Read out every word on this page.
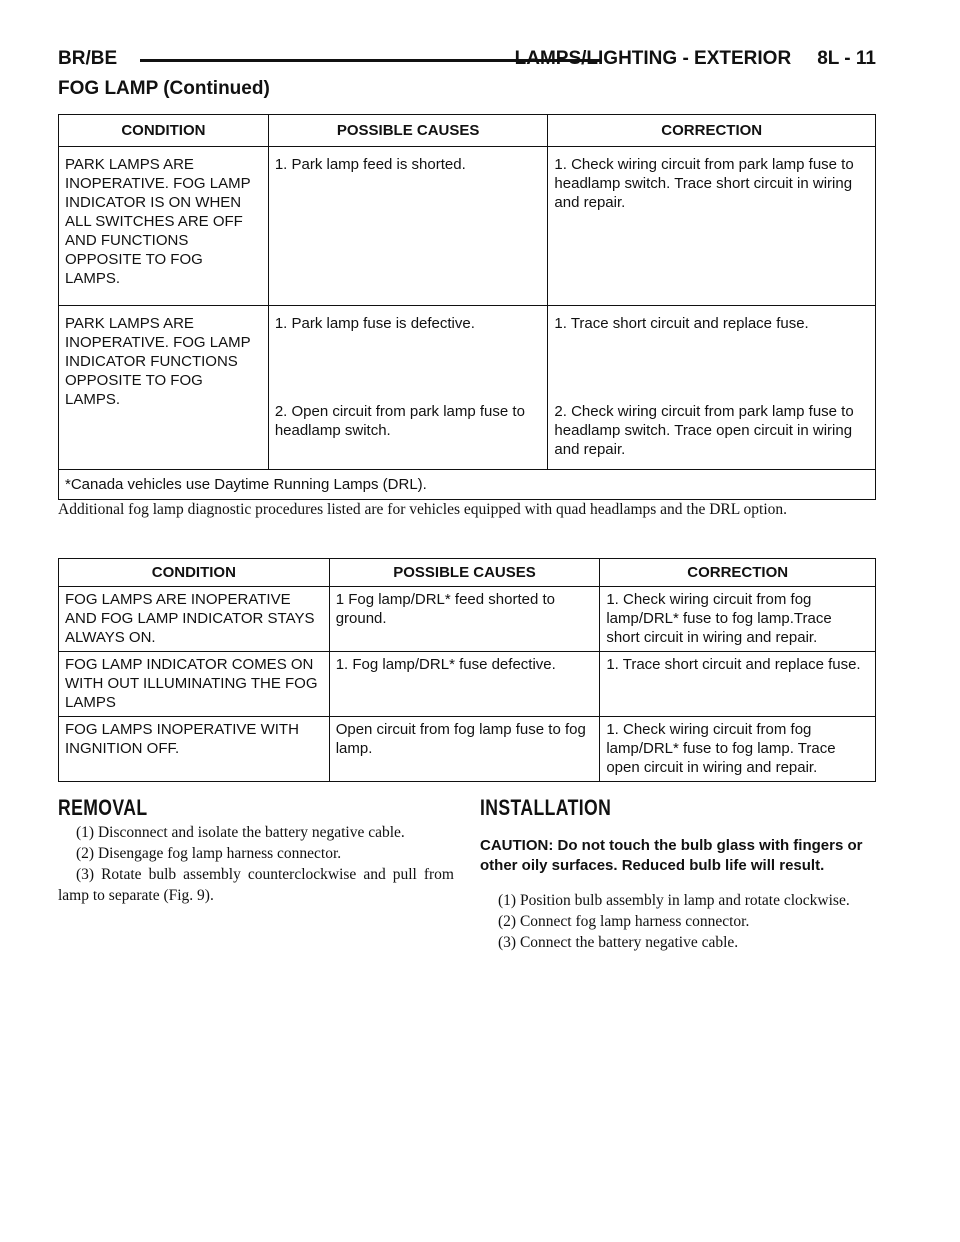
BR/BE	LAMPS/LIGHTING - EXTERIOR 8L - 11
FOG LAMP (Continued)
CONDITION	POSSIBLE CAUSES	CORRECTION
PARK LAMPS ARE INOPERATIVE. FOG LAMP INDICATOR IS ON WHEN ALL SWITCHES ARE OFF AND FUNCTIONS OPPOSITE TO FOG LAMPS.	1. Park lamp feed is shorted.	1. Check wiring circuit from park lamp fuse to headlamp switch. Trace short circuit in wiring and repair.
PARK LAMPS ARE INOPERATIVE. FOG LAMP INDICATOR FUNCTIONS OPPOSITE TO FOG LAMPS.	1. Park lamp fuse is defective.	1. Trace short circuit and replace fuse.
	2. Open circuit from park lamp fuse to headlamp switch.	2. Check wiring circuit from park lamp fuse to headlamp switch. Trace open circuit in wiring and repair.
*Canada vehicles use Daytime Running Lamps (DRL).		
Additional fog lamp diagnostic procedures listed are for vehicles equipped with quad headlamps and the DRL option.
CONDITION	POSSIBLE CAUSES	CORRECTION
FOG LAMPS ARE INOPERATIVE AND FOG LAMP INDICATOR STAYS ALWAYS ON.	1 Fog lamp/DRL* feed shorted to ground.	1. Check wiring circuit from fog lamp/DRL* fuse to fog lamp.Trace short circuit in wiring and repair.
FOG LAMP INDICATOR COMES ON WITH OUT ILLUMINATING THE FOG LAMPS	1. Fog lamp/DRL* fuse defective.	1. Trace short circuit and replace fuse.
FOG LAMPS INOPERATIVE WITH INGNITION OFF.	Open circuit from fog lamp fuse to fog lamp.	1. Check wiring circuit from fog lamp/DRL* fuse to fog lamp. Trace open circuit in wiring and repair.
REMOVAL

(1) Disconnect and isolate the battery negative cable.

(2) Disengage fog lamp harness connector.

(3) Rotate bulb assembly counterclockwise and pull from lamp to separate (Fig. 9).

INSTALLATION

CAUTION: Do not touch the bulb glass with fingers or other oily surfaces. Reduced bulb life will result.

(1) Position bulb assembly in lamp and rotate clockwise.

(2) Connect fog lamp harness connector.

(3) Connect the battery negative cable.
